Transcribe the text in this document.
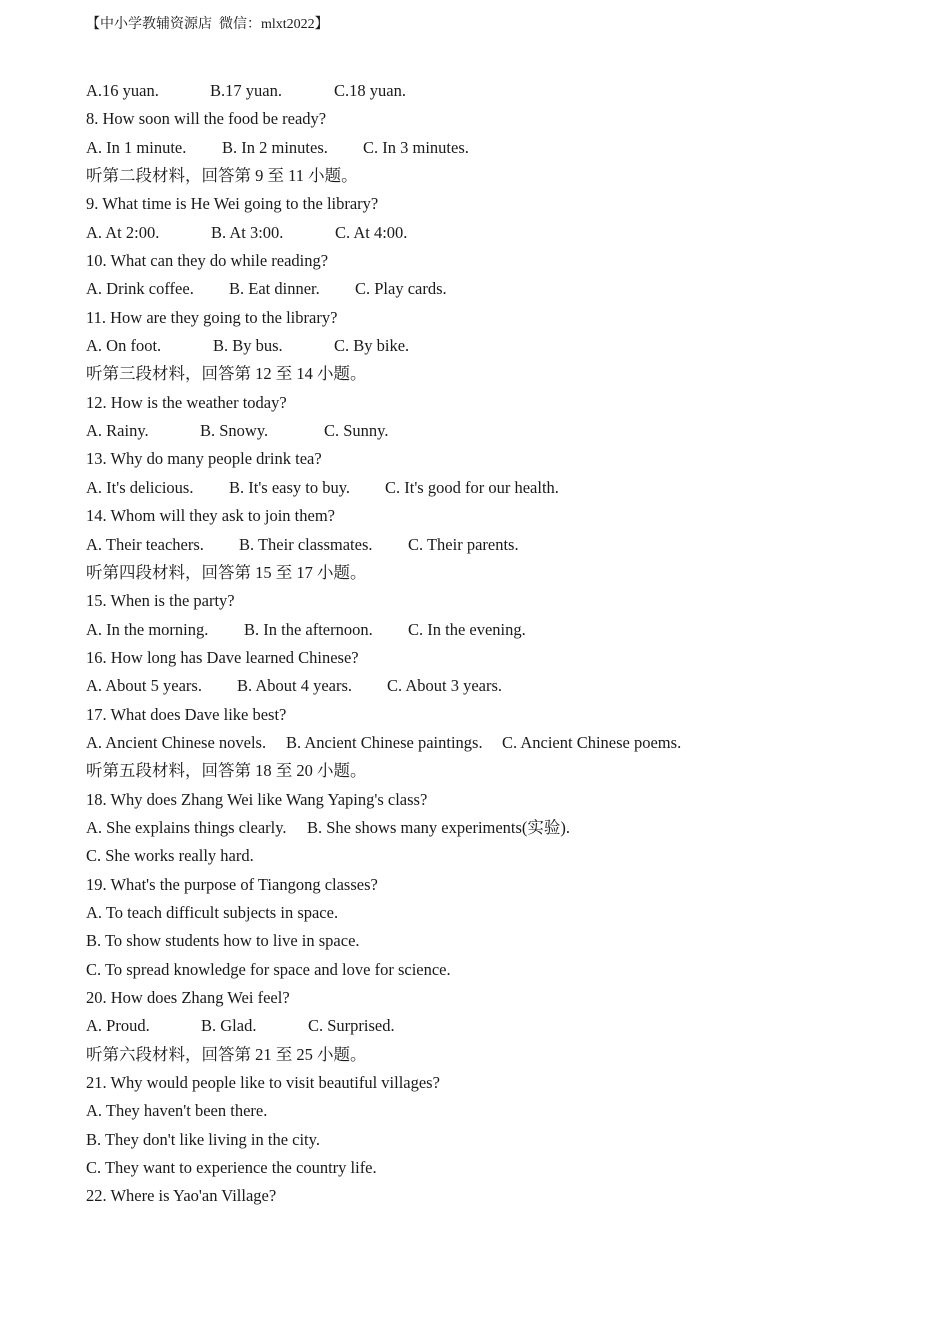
【中小学教辅资源店  微信：mlxt2022】
A.16 yuan.	B.17 yuan.	C.18 yuan.
8. How soon will the food be ready?
A. In 1 minute. B. In 2 minutes. C. In 3 minutes.
听第二段材料，回答第 9 至 11 小题。
9. What time is He Wei going to the library?
A. At 2:00.	B. At 3:00.	C. At 4:00.
10. What can they do while reading?
A. Drink coffee. B. Eat dinner. C. Play cards.
11. How are they going to the library?
A. On foot.	B. By bus.	C. By bike.
听第三段材料，回答第 12 至 14 小题。
12. How is the weather today?
A. Rainy.	B. Snowy.	C. Sunny.
13. Why do many people drink tea?
A. It's delicious. B. It's easy to buy. C. It's good for our health.
14. Whom will they ask to join them?
A. Their teachers. B. Their classmates. C. Their parents.
听第四段材料，回答第 15 至 17 小题。
15. When is the party?
A. In the morning. B. In the afternoon. C. In the evening.
16. How long has Dave learned Chinese?
A. About 5 years. B. About 4 years. C. About 3 years.
17. What does Dave like best?
A. Ancient Chinese novels. B. Ancient Chinese paintings. C. Ancient Chinese poems.
听第五段材料，回答第 18 至 20 小题。
18. Why does Zhang Wei like Wang Yaping's class?
A. She explains things clearly. B. She shows many experiments(实验).
C. She works really hard.
19. What's the purpose of Tiangong classes?
A. To teach difficult subjects in space.
B. To show students how to live in space.
C. To spread knowledge for space and love for science.
20. How does Zhang Wei feel?
A. Proud.	B. Glad.	C. Surprised.
听第六段材料，回答第 21 至 25 小题。
21. Why would people like to visit beautiful villages?
A. They haven't been there.
B. They don't like living in the city.
C. They want to experience the country life.
22. Where is Yao'an Village?
